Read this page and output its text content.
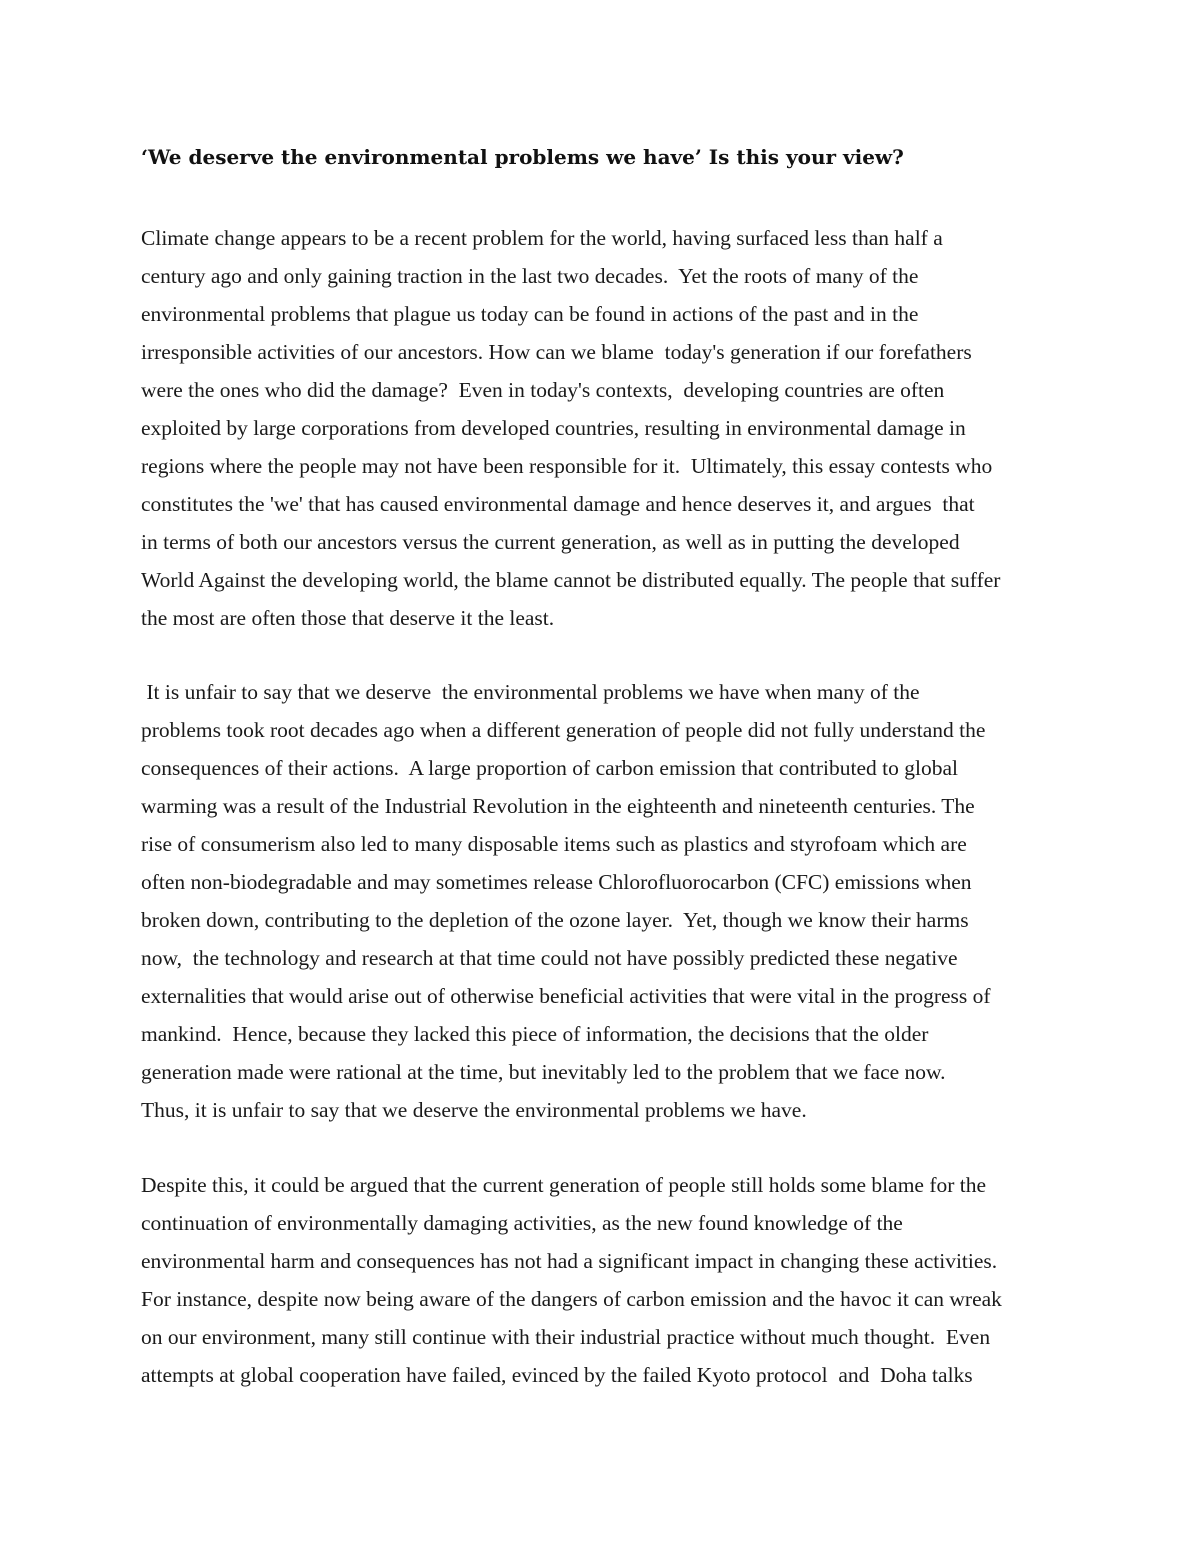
‘We deserve the environmental problems we have’ Is this your view?

Climate change appears to be a recent problem for the world, having surfaced less than half a
century ago and only gaining traction in the last two decades.  Yet the roots of many of the
environmental problems that plague us today can be found in actions of the past and in the
irresponsible activities of our ancestors. How can we blame  today's generation if our forefathers
were the ones who did the damage?  Even in today's contexts,  developing countries are often
exploited by large corporations from developed countries, resulting in environmental damage in
regions where the people may not have been responsible for it.  Ultimately, this essay contests who
constitutes the 'we' that has caused environmental damage and hence deserves it, and argues  that
in terms of both our ancestors versus the current generation, as well as in putting the developed
World Against the developing world, the blame cannot be distributed equally. The people that suffer
the most are often those that deserve it the least.

It is unfair to say that we deserve  the environmental problems we have when many of the
problems took root decades ago when a different generation of people did not fully understand the
consequences of their actions.  A large proportion of carbon emission that contributed to global
warming was a result of the Industrial Revolution in the eighteenth and nineteenth centuries. The
rise of consumerism also led to many disposable items such as plastics and styrofoam which are
often non-biodegradable and may sometimes release Chlorofluorocarbon (CFC) emissions when
broken down, contributing to the depletion of the ozone layer.  Yet, though we know their harms
now,  the technology and research at that time could not have possibly predicted these negative
externalities that would arise out of otherwise beneficial activities that were vital in the progress of
mankind.  Hence, because they lacked this piece of information, the decisions that the older
generation made were rational at the time, but inevitably led to the problem that we face now.
Thus, it is unfair to say that we deserve the environmental problems we have.

Despite this, it could be argued that the current generation of people still holds some blame for the
continuation of environmentally damaging activities, as the new found knowledge of the
environmental harm and consequences has not had a significant impact in changing these activities.
For instance, despite now being aware of the dangers of carbon emission and the havoc it can wreak
on our environment, many still continue with their industrial practice without much thought.  Even
attempts at global cooperation have failed, evinced by the failed Kyoto protocol  and  Doha talks
